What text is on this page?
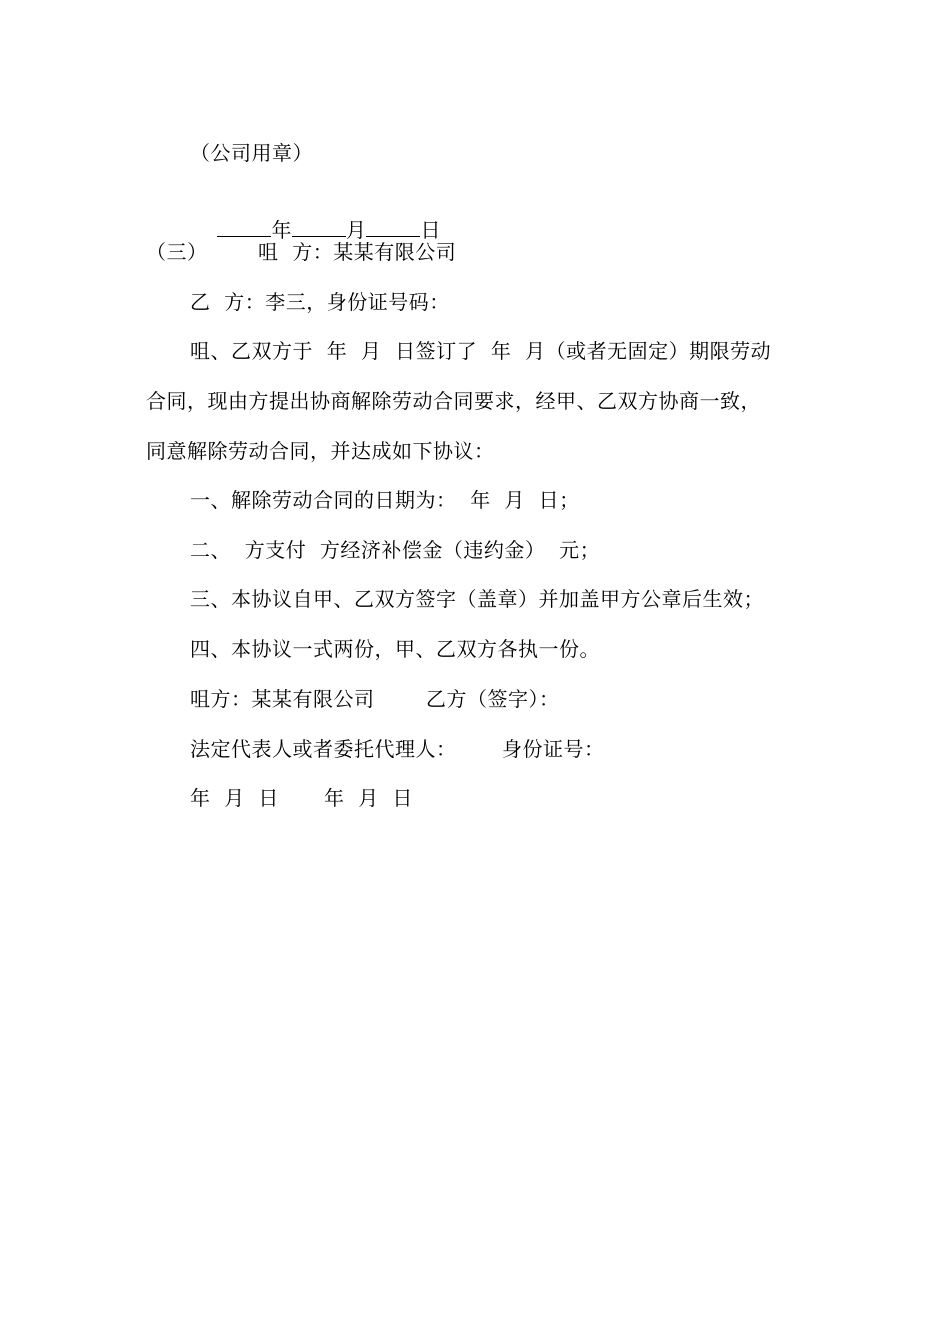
（公司用章）

年	月	日

（三）	咀  方：某某有限公司
乙  方：李三，身份证号码：
咀、乙双方于  年  月  日签订了  年  月（或者无固定）期限劳动
合同，现由方提出协商解除劳动合同要求，经甲、乙双方协商一致，
同意解除劳动合同，并达成如下协议：
一、解除劳动合同的日期为：  年  月  日；
二、  方支付  方经济补偿金（违约金）  元；
三、本协议自甲、乙双方签字（盖章）并加盖甲方公章后生效；
四、本协议一式两份，甲、乙双方各执一份。
咀方：某某有限公司	乙方（签字）：
法定代表人或者委托代理人： 身份证号：
年  月  日 年  月  日
